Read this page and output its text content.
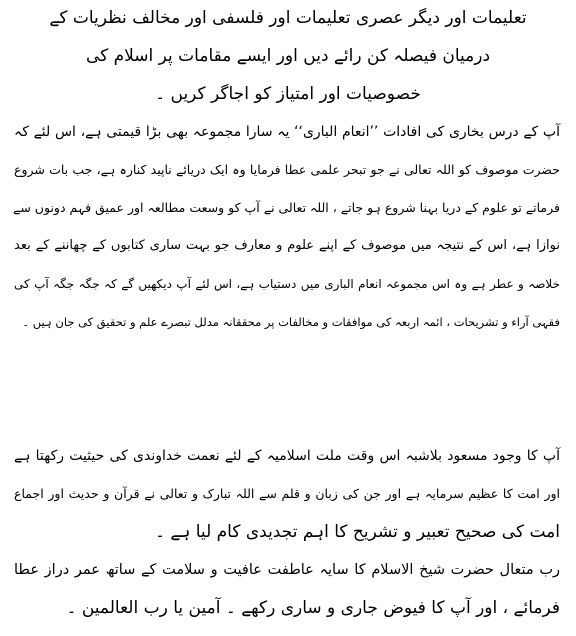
تعلیمات اور دیگر عصری تعلیمات اور فلسفی اور مخالف نظریات کے
درمیان فیصلہ کن رائے دیں اور ایسے مقامات پر اسلام کی
خصوصیات اور امتیاز کو اجاگر کریں ۔
آپ کے درس بخاری کی افادات ’’انعام الباری‘‘ یہ سارا مجموعہ بھی بڑا قیمتی ہے، اس لئے کہ
حضرت موصوف کو اللہ تعالی نے جو تبحر علمی عطا فرمایا وہ ایک دریائے ناپید کنارہ ہے، جب بات شروع
فرماتے تو علوم کے دریا بہنا شروع ہو جاتے ، اللہ تعالی نے آپ کو وسعت مطالعہ اور عمیق فہم دونوں سے
نوازا ہے، اس کے نتیجہ میں موصوف کے اپنے علوم و معارف جو بہت ساری کتابوں کے چھاننے کے بعد
خلاصہ و عطر ہے وہ اس مجموعہ انعام الباری میں دستیاب ہے، اس لئے آپ دیکھیں گے کہ جگہ جگہ آپ کی
فقہی آراء و تشریحات ، ائمہ اربعہ کی موافقات و مخالفات پر محققانہ مدلل تبصرے علم و تحقیق کی جان ہیں ۔
آپ کا وجود مسعود بلاشبہ اس وقت ملت اسلامیہ کے لئے نعمت خداوندی کی حیثیت رکھتا ہے
اور امت کا عظیم سرمایہ ہے اور جن کی زبان و قلم سے اللہ تبارک و تعالی نے قرآن و حدیث اور اجماع
امت کی صحیح تعبیر و تشریح کا اہم تجدیدی کام لیا ہے ۔
رب متعال حضرت شیخ الاسلام کا سایہ عاطفت عافیت و سلامت کے ساتھ عمر دراز عطا
فرمائے ، اور آپ کا فیوض جاری و ساری رکھے ۔ آمین یا رب العالمین ۔
